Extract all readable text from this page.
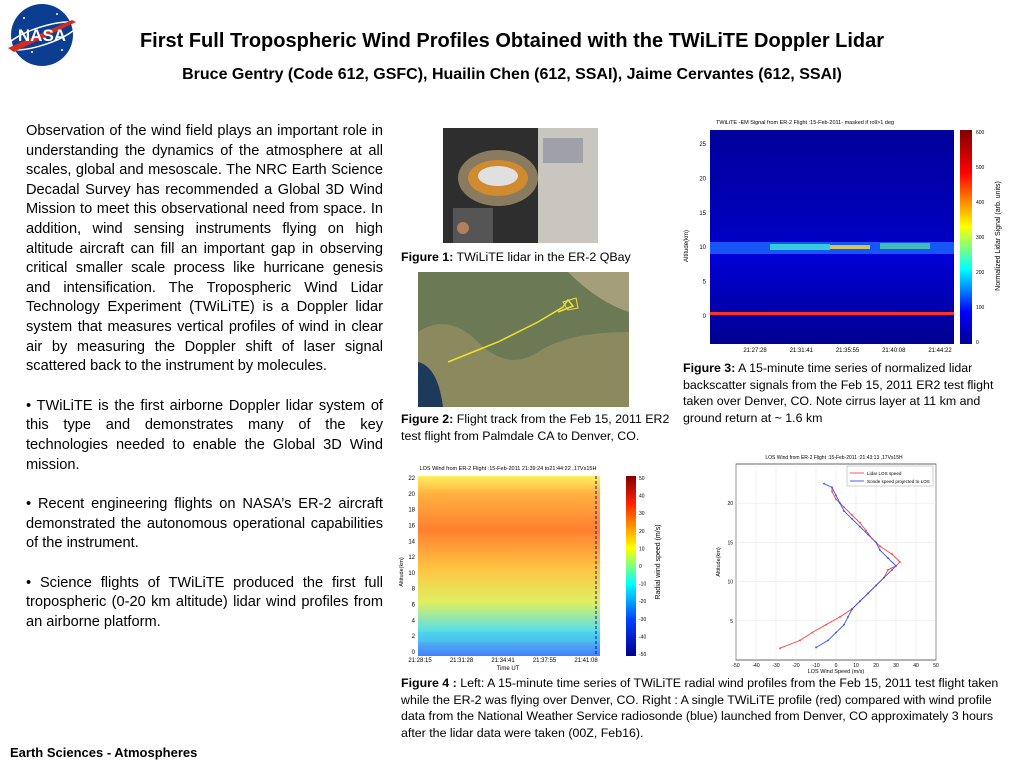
NASA	First Full Tropospheric Wind Profiles Obtained with the TWiLiTE Doppler Lidar
Bruce Gentry (Code 612, GSFC), Huailin Chen (612, SSAI), Jaime Cervantes (612, SSAI)

Observation of the wind field plays an important role in understanding the dynamics of the atmosphere at all scales, global and mesoscale. The NRC Earth Science Decadal Survey has recommended a Global 3D Wind Mission to meet this observational need from space. In addition, wind sensing instruments flying on high altitude aircraft can fill an important gap in observing critical smaller scale process like hurricane genesis and intensification. The Tropospheric Wind Lidar Technology Experiment (TWiLiTE) is a Doppler lidar system that measures vertical profiles of wind in clear air by measuring the Doppler shift of laser signal scattered back to the instrument by molecules.

• TWiLiTE is the first airborne Doppler lidar system of this type and demonstrates many of the key technologies needed to enable the Global 3D Wind mission.

• Recent engineering flights on NASA’s ER-2 aircraft demonstrated the autonomous operational capabilities of the instrument.

• Science flights of TWiLiTE produced the first full tropospheric (0-20 km altitude) lidar wind profiles from an airborne platform.

Figure 1: TWiLiTE lidar in the ER-2 QBay
Figure 2: Flight track from the Feb 15, 2011 ER2 test flight from Palmdale CA to Denver, CO.
TWiLiTE -EM Signal from ER-2 Flight :15-Feb-2011- masked if roll>1 deg
Altitude(km)	Normalized Lidar Signal (arb. units)
25
20
15
10
5
0
21:27:28	21:31:41	21:35:55	21:40:08	21:44:22
600
500
400
300
200
100
0
Figure 3: A 15-minute time series of normalized lidar backscatter signals from the Feb 15, 2011 ER2 test flight taken over Denver, CO. Note cirrus layer at 11 km and ground return at ~ 1.6 km
LOS Wind from ER-2 Flight :15-Feb-2011 21:39:24 to21:44:22 ,17Vs15H
Altitude(km)
Time UT
Radial wind speed (m/s)
22
20
18
16
14
12
10
8
6
4
2
0
21:28:15	21:31:28	21:34:41	21:37:55	21:41:08
50
40
30
20
10
0
-10
-20
-30
-40
-50
LOS Wind from ER-2 Flight :15-Feb-2011 :21:43:13 ,17Vs15H
-50	-40	-30	-20	-10	0	10	20	30	40	50
5
10
15
20
Lidar LOS speed
Sonde speed projected to LOS
Altitude(km)
LOS Wind Speed (m/s)
Figure 4 : Left: A 15-minute time series of TWiLiTE radial wind profiles from the Feb 15, 2011 test flight taken while the ER-2 was flying over Denver, CO. Right : A single TWiLiTE profile (red) compared with wind profile data from the National Weather Service radiosonde (blue) launched from Denver, CO approximately 3 hours after the lidar data were taken (00Z, Feb16).
Earth Sciences - Atmospheres
